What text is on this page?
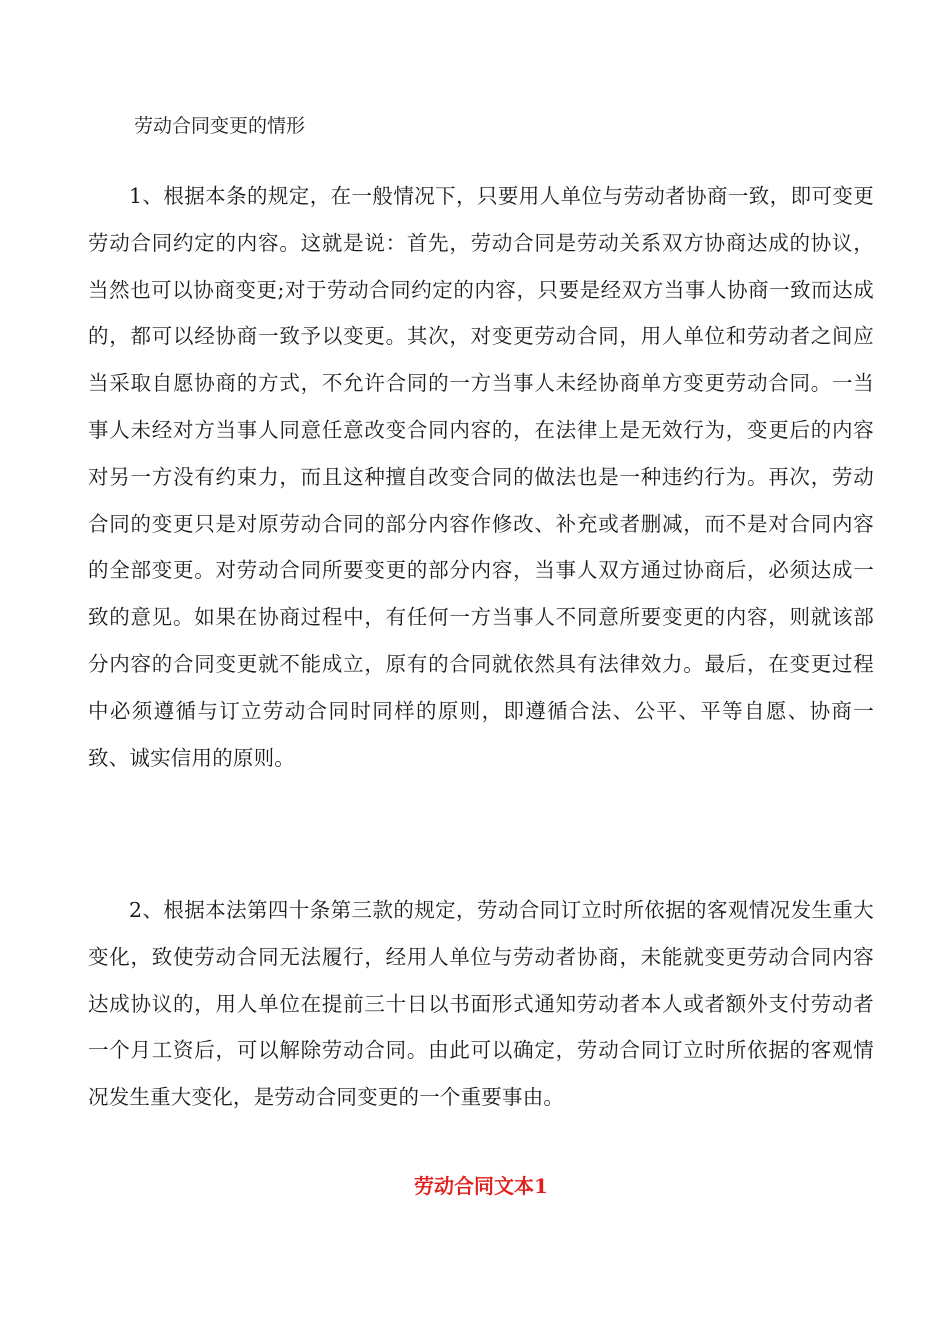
劳动合同变更的情形

1、根据本条的规定，在一般情况下，只要用人单位与劳动者协商一致，即可变更劳动合同约定的内容。这就是说：首先，劳动合同是劳动关系双方协商达成的协议，当然也可以协商变更;对于劳动合同约定的内容，只要是经双方当事人协商一致而达成的，都可以经协商一致予以变更。其次，对变更劳动合同，用人单位和劳动者之间应当采取自愿协商的方式，不允许合同的一方当事人未经协商单方变更劳动合同。一当事人未经对方当事人同意任意改变合同内容的，在法律上是无效行为，变更后的内容对另一方没有约束力，而且这种擅自改变合同的做法也是一种违约行为。再次，劳动合同的变更只是对原劳动合同的部分内容作修改、补充或者删减，而不是对合同内容的全部变更。对劳动合同所要变更的部分内容，当事人双方通过协商后，必须达成一致的意见。如果在协商过程中，有任何一方当事人不同意所要变更的内容，则就该部分内容的合同变更就不能成立，原有的合同就依然具有法律效力。最后，在变更过程中必须遵循与订立劳动合同时同样的原则，即遵循合法、公平、平等自愿、协商一致、诚实信用的原则。

2、根据本法第四十条第三款的规定，劳动合同订立时所依据的客观情况发生重大变化，致使劳动合同无法履行，经用人单位与劳动者协商，未能就变更劳动合同内容达成协议的，用人单位在提前三十日以书面形式通知劳动者本人或者额外支付劳动者一个月工资后，可以解除劳动合同。由此可以确定，劳动合同订立时所依据的客观情况发生重大变化，是劳动合同变更的一个重要事由。

劳动合同文本1
